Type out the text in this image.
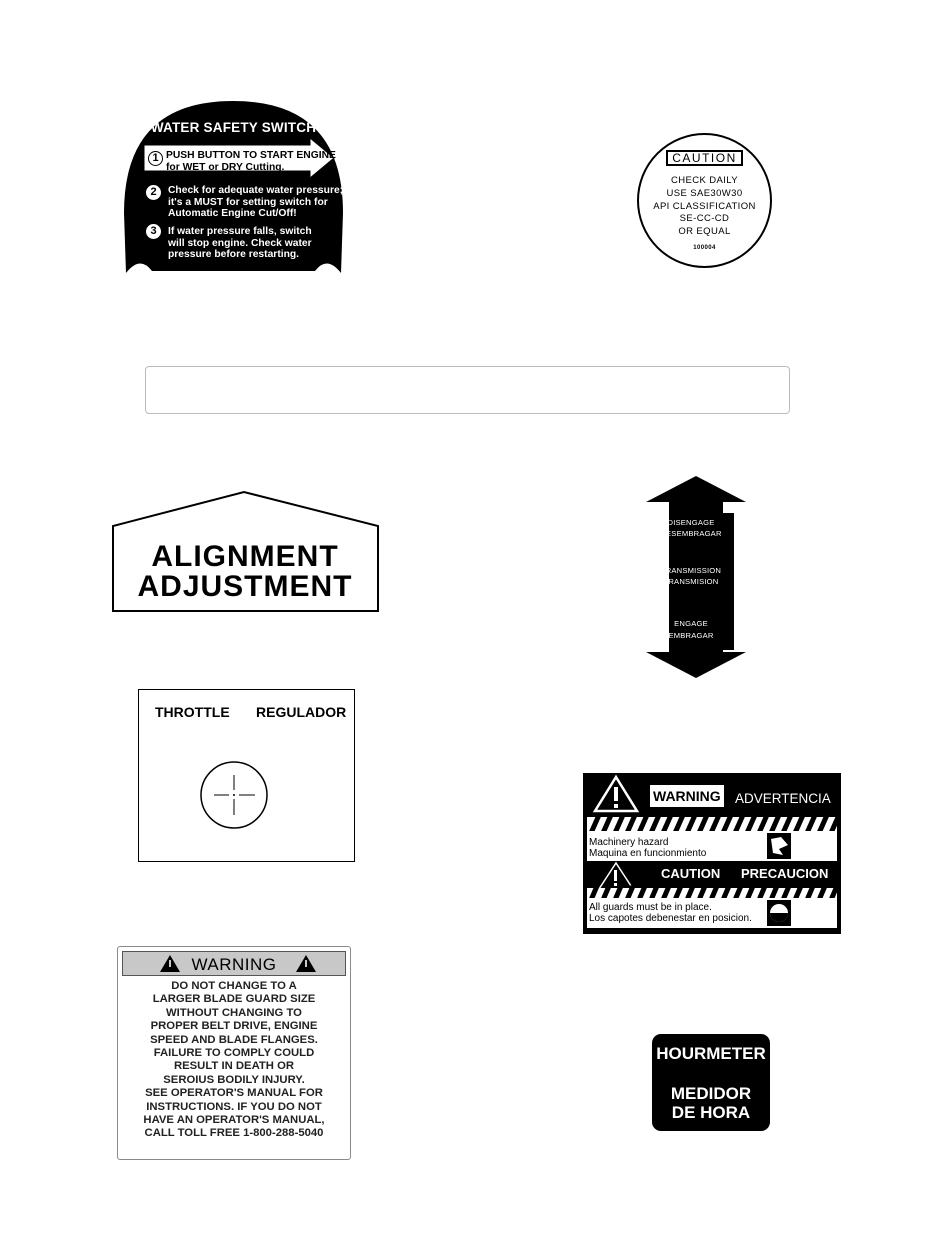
WATER SAFETY SWITCH
1 PUSH BUTTON TO START ENGINE
for WET or DRY Cutting.
2	Check for adequate water pressure;
it's a MUST for setting switch for
Automatic Engine Cut/Off!
3	If water pressure falls, switch
will stop engine. Check water
pressure before restarting.
CAUTION
CHECK DAILY
USE SAE30W30
API CLASSIFICATION
SE-CC-CD
OR EQUAL
100004
ALIGNMENT
ADJUSTMENT
DISENGAGE
DESEMBRAGAR
TRANSMISSION
TRANSMISION
ENGAGE
EMBRAGAR
THROTTLE REGULADOR
WARNING ADVERTENCIA
Machinery hazard
Maquina en funcionmiento
CAUTION PRECAUCION
All guards must be in place.
Los capotes debenestar en posicion.
WARNING
DO NOT CHANGE TO A
LARGER BLADE GUARD SIZE
WITHOUT CHANGING TO
PROPER BELT DRIVE, ENGINE
SPEED AND BLADE FLANGES.
FAILURE TO COMPLY COULD
RESULT IN DEATH OR
SEROIUS BODILY INJURY.
SEE OPERATOR'S MANUAL FOR
INSTRUCTIONS. IF YOU DO NOT
HAVE AN OPERATOR'S MANUAL,
CALL TOLL FREE 1-800-288-5040
HOURMETER
MEDIDOR
DE HORA
